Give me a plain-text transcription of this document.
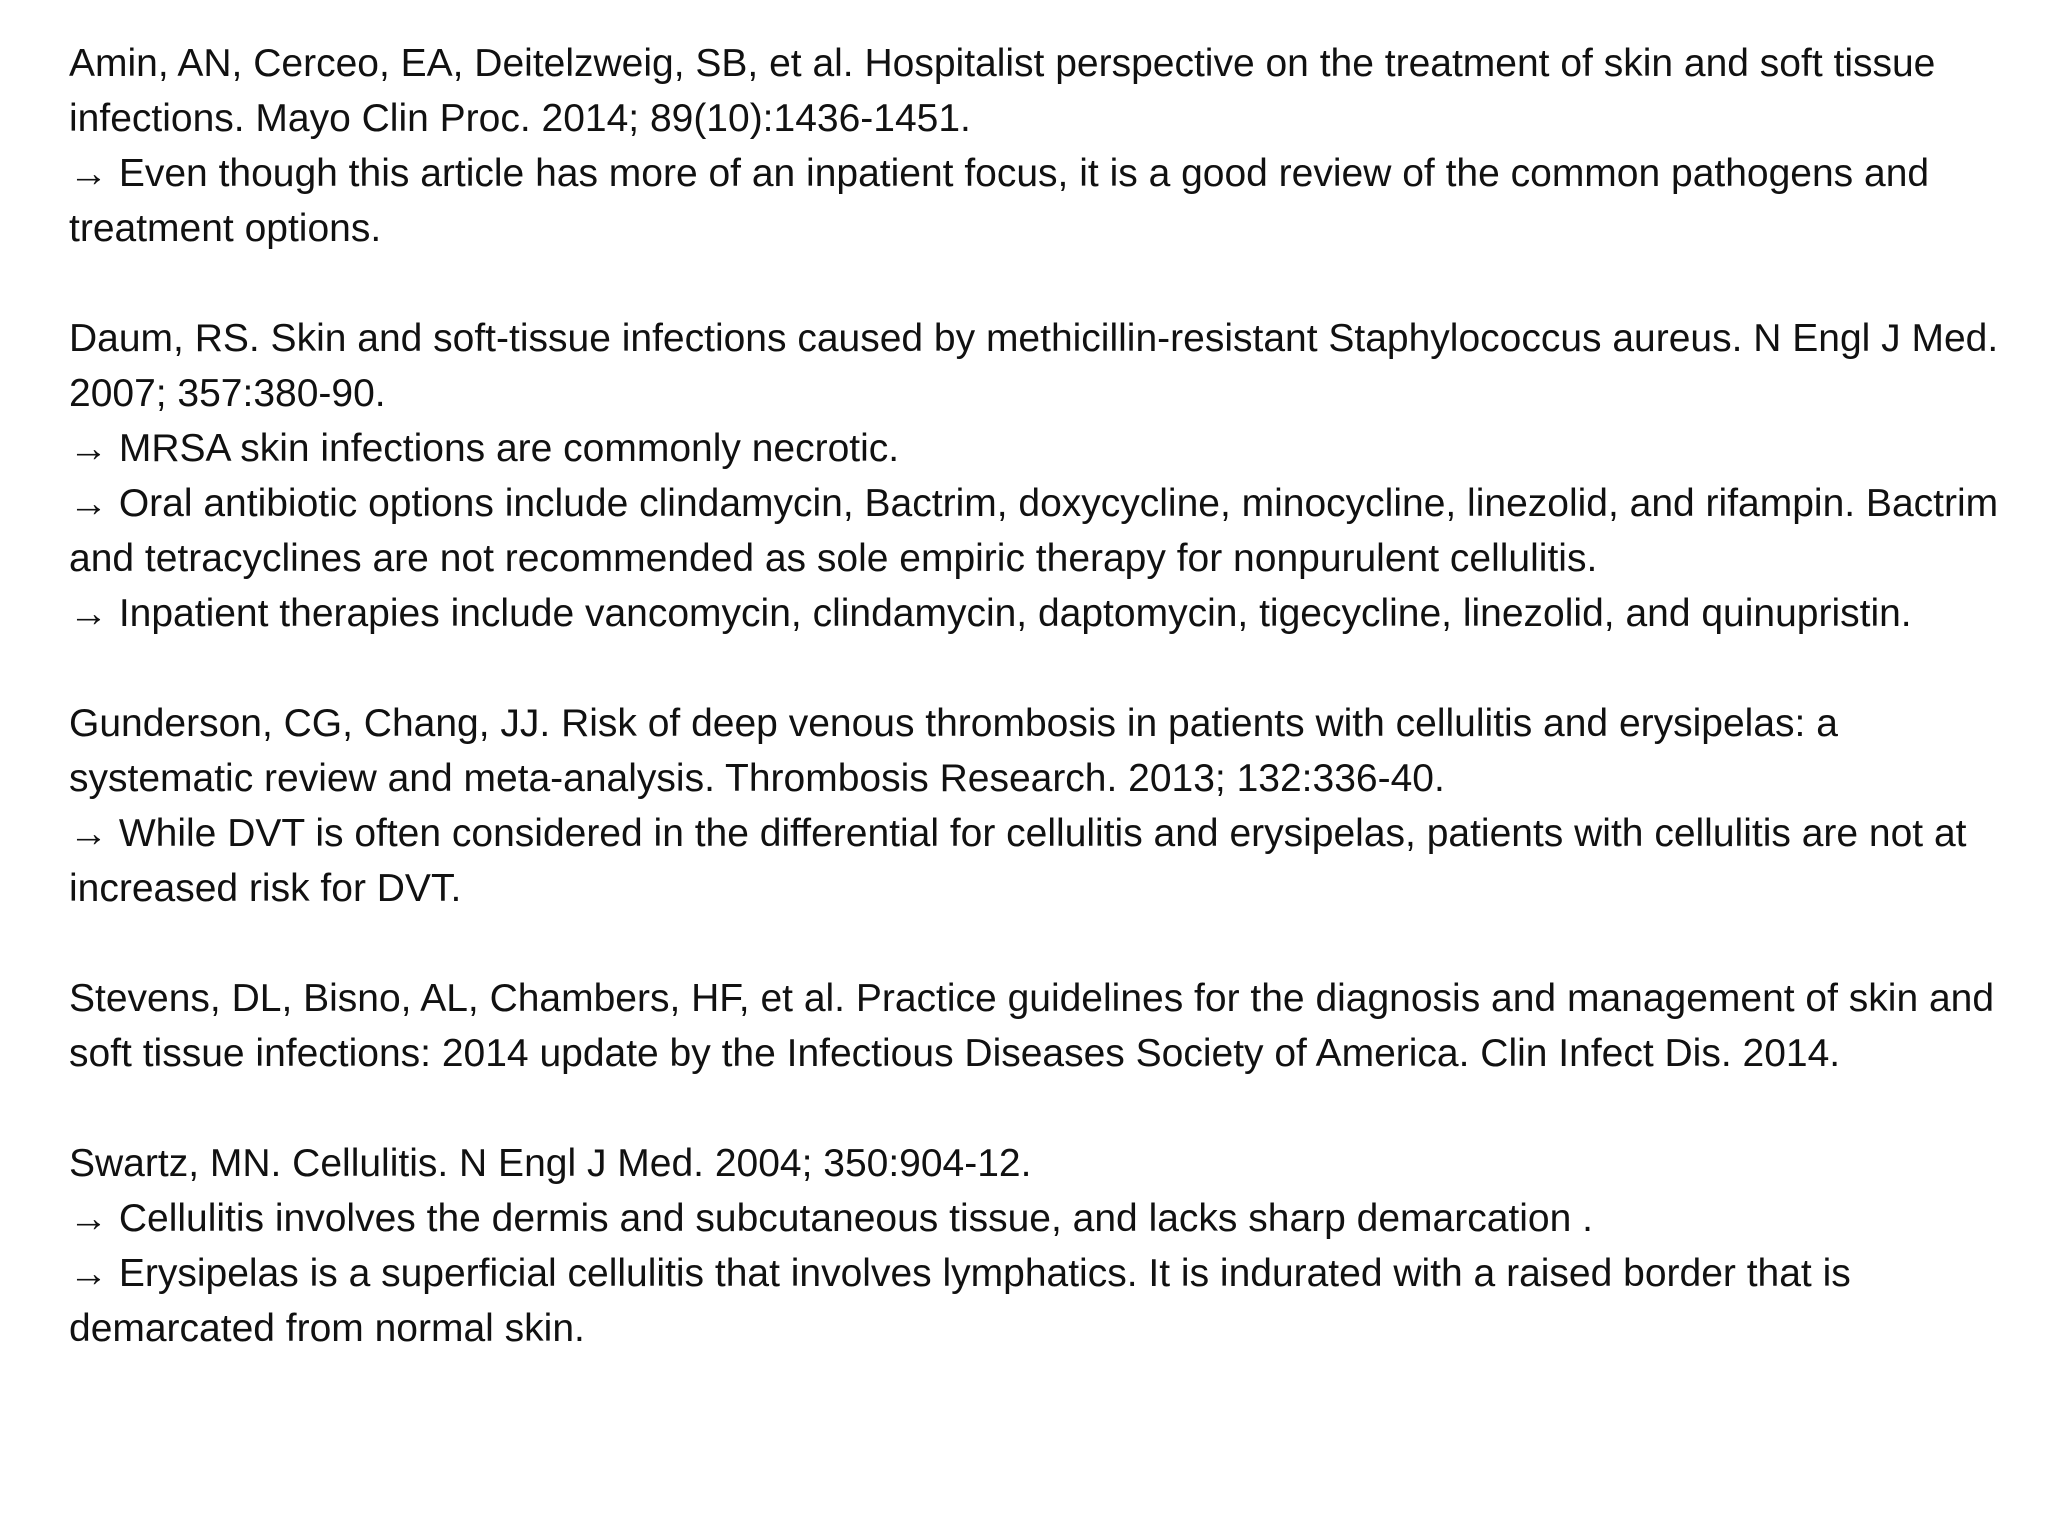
Amin, AN, Cerceo, EA, Deitelzweig, SB, et al. Hospitalist perspective on the treatment of skin and soft tissue infections. Mayo Clin Proc. 2014; 89(10):1436-1451.

→ Even though this article has more of an inpatient focus, it is a good review of the common pathogens and treatment options.

Daum, RS. Skin and soft-tissue infections caused by methicillin-resistant Staphylococcus aureus. N Engl J Med. 2007; 357:380-90.

→ MRSA skin infections are commonly necrotic.

→ Oral antibiotic options include clindamycin, Bactrim, doxycycline, minocycline, linezolid, and rifampin. Bactrim and tetracyclines are not recommended as sole empiric therapy for nonpurulent cellulitis.

→ Inpatient therapies include vancomycin, clindamycin, daptomycin, tigecycline, linezolid, and quinupristin.

Gunderson, CG, Chang, JJ. Risk of deep venous thrombosis in patients with cellulitis and erysipelas: a systematic review and meta-analysis. Thrombosis Research. 2013; 132:336-40.

→ While DVT is often considered in the differential for cellulitis and erysipelas, patients with cellulitis are not at increased risk for DVT.

Stevens, DL, Bisno, AL, Chambers, HF, et al. Practice guidelines for the diagnosis and management of skin and soft tissue infections: 2014 update by the Infectious Diseases Society of America. Clin Infect Dis. 2014.

Swartz, MN. Cellulitis. N Engl J Med. 2004; 350:904-12.

→ Cellulitis involves the dermis and subcutaneous tissue, and lacks sharp demarcation .

→ Erysipelas is a superficial cellulitis that involves lymphatics. It is indurated with a raised border that is demarcated from normal skin.
